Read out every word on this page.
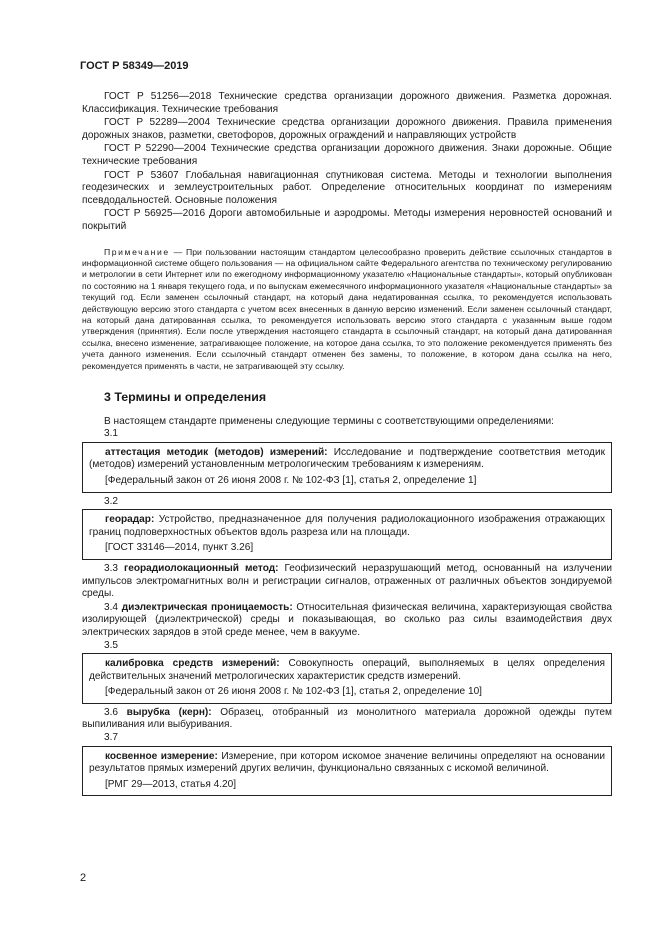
ГОСТ Р 58349—2019

ГОСТ Р 51256—2018 Технические средства организации дорожного движения. Разметка дорожная. Классификация. Технические требования

ГОСТ Р 52289—2004 Технические средства организации дорожного движения. Правила применения дорожных знаков, разметки, светофоров, дорожных ограждений и направляющих устройств

ГОСТ Р 52290—2004 Технические средства организации дорожного движения. Знаки дорожные. Общие технические требования

ГОСТ Р 53607 Глобальная навигационная спутниковая система. Методы и технологии выполнения геодезических и землеустроительных работ. Определение относительных координат по измерениям псевдодальностей. Основные положения

ГОСТ Р 56925—2016 Дороги автомобильные и аэродромы. Методы измерения неровностей оснований и покрытий

Примечание — При пользовании настоящим стандартом целесообразно проверить действие ссылочных стандартов в информационной системе общего пользования — на официальном сайте Федерального агентства по техническому регулированию и метрологии в сети Интернет или по ежегодному информационному указателю «Национальные стандарты», который опубликован по состоянию на 1 января текущего года, и по выпускам ежемесячного информационного указателя «Национальные стандарты» за текущий год. Если заменен ссылочный стандарт, на который дана недатированная ссылка, то рекомендуется использовать действующую версию этого стандарта с учетом всех внесенных в данную версию изменений. Если заменен ссылочный стандарт, на который дана датированная ссылка, то рекомендуется использовать версию этого стандарта с указанным выше годом утверждения (принятия). Если после утверждения настоящего стандарта в ссылочный стандарт, на который дана датированная ссылка, внесено изменение, затрагивающее положение, на которое дана ссылка, то это положение рекомендуется применять без учета данного изменения. Если ссылочный стандарт отменен без замены, то положение, в котором дана ссылка на него, рекомендуется применять в части, не затрагивающей эту ссылку.

3 Термины и определения

В настоящем стандарте применены следующие термины с соответствующими определениями:

3.1

аттестация методик (методов) измерений: Исследование и подтверждение соответствия методик (методов) измерений установленным метрологическим требованиям к измерениям.

[Федеральный закон от 26 июня 2008 г. № 102-ФЗ [1], статья 2, определение 1]

3.2

георадар: Устройство, предназначенное для получения радиолокационного изображения отражающих границ подповерхностных объектов вдоль разреза или на площади.

[ГОСТ 33146—2014, пункт 3.26]

3.3 георадиолокационный метод: Геофизический неразрушающий метод, основанный на излучении импульсов электромагнитных волн и регистрации сигналов, отраженных от различных объектов зондируемой среды.

3.4 диэлектрическая проницаемость: Относительная физическая величина, характеризующая свойства изолирующей (диэлектрической) среды и показывающая, во сколько раз силы взаимодействия двух электрических зарядов в этой среде менее, чем в вакууме.

3.5

калибровка средств измерений: Совокупность операций, выполняемых в целях определения действительных значений метрологических характеристик средств измерений.

[Федеральный закон от 26 июня 2008 г. № 102-ФЗ [1], статья 2, определение 10]

3.6 вырубка (керн): Образец, отобранный из монолитного материала дорожной одежды путем выпиливания или выбуривания.

3.7

косвенное измерение: Измерение, при котором искомое значение величины определяют на основании результатов прямых измерений других величин, функционально связанных с искомой величиной.

[РМГ 29—2013, статья 4.20]

2
